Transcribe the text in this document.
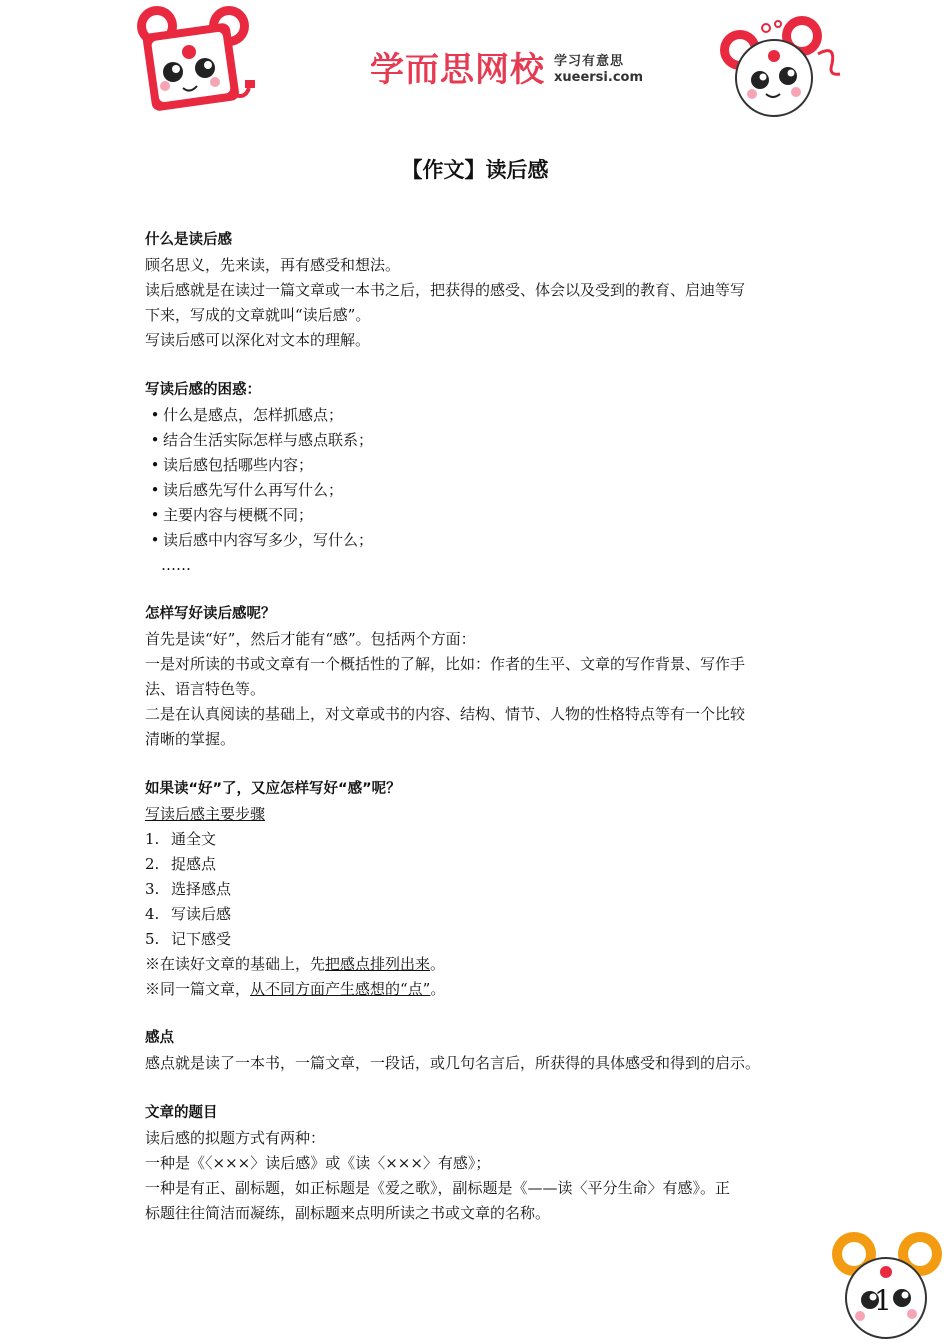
学而思网校 学习有意思
xueersi.com
【作文】读后感
什么是读后感
顾名思义，先来读，再有感受和想法。
读后感就是在读过一篇文章或一本书之后，把获得的感受、体会以及受到的教育、启迪等写
下来，写成的文章就叫“读后感”。
写读后感可以深化对文本的理解。
写读后感的困惑：
• 什么是感点，怎样抓感点；
• 结合生活实际怎样与感点联系；
• 读后感包括哪些内容；
• 读后感先写什么再写什么；
• 主要内容与梗概不同；
• 读后感中内容写多少，写什么；
……
怎样写好读后感呢？
首先是读“好”，然后才能有“感”。包括两个方面：
一是对所读的书或文章有一个概括性的了解，比如：作者的生平、文章的写作背景、写作手
法、语言特色等。
二是在认真阅读的基础上，对文章或书的内容、结构、情节、人物的性格特点等有一个比较
清晰的掌握。
如果读“好”了，又应怎样写好“感”呢？
写读后感主要步骤
1. 通全文
2. 捉感点
3. 选择感点
4. 写读后感
5. 记下感受
※在读好文章的基础上，先把感点排列出来。
※同一篇文章，从不同方面产生感想的“点”。
感点
感点就是读了一本书，一篇文章，一段话，或几句名言后，所获得的具体感受和得到的启示。
文章的题目
读后感的拟题方式有两种：
一种是《〈×××〉读后感》或《读〈×××〉有感》；
一种是有正、副标题，如正标题是《爱之歌》，副标题是《——读〈平分生命〉有感》。正
标题往往简洁而凝练，副标题来点明所读之书或文章的名称。
1
